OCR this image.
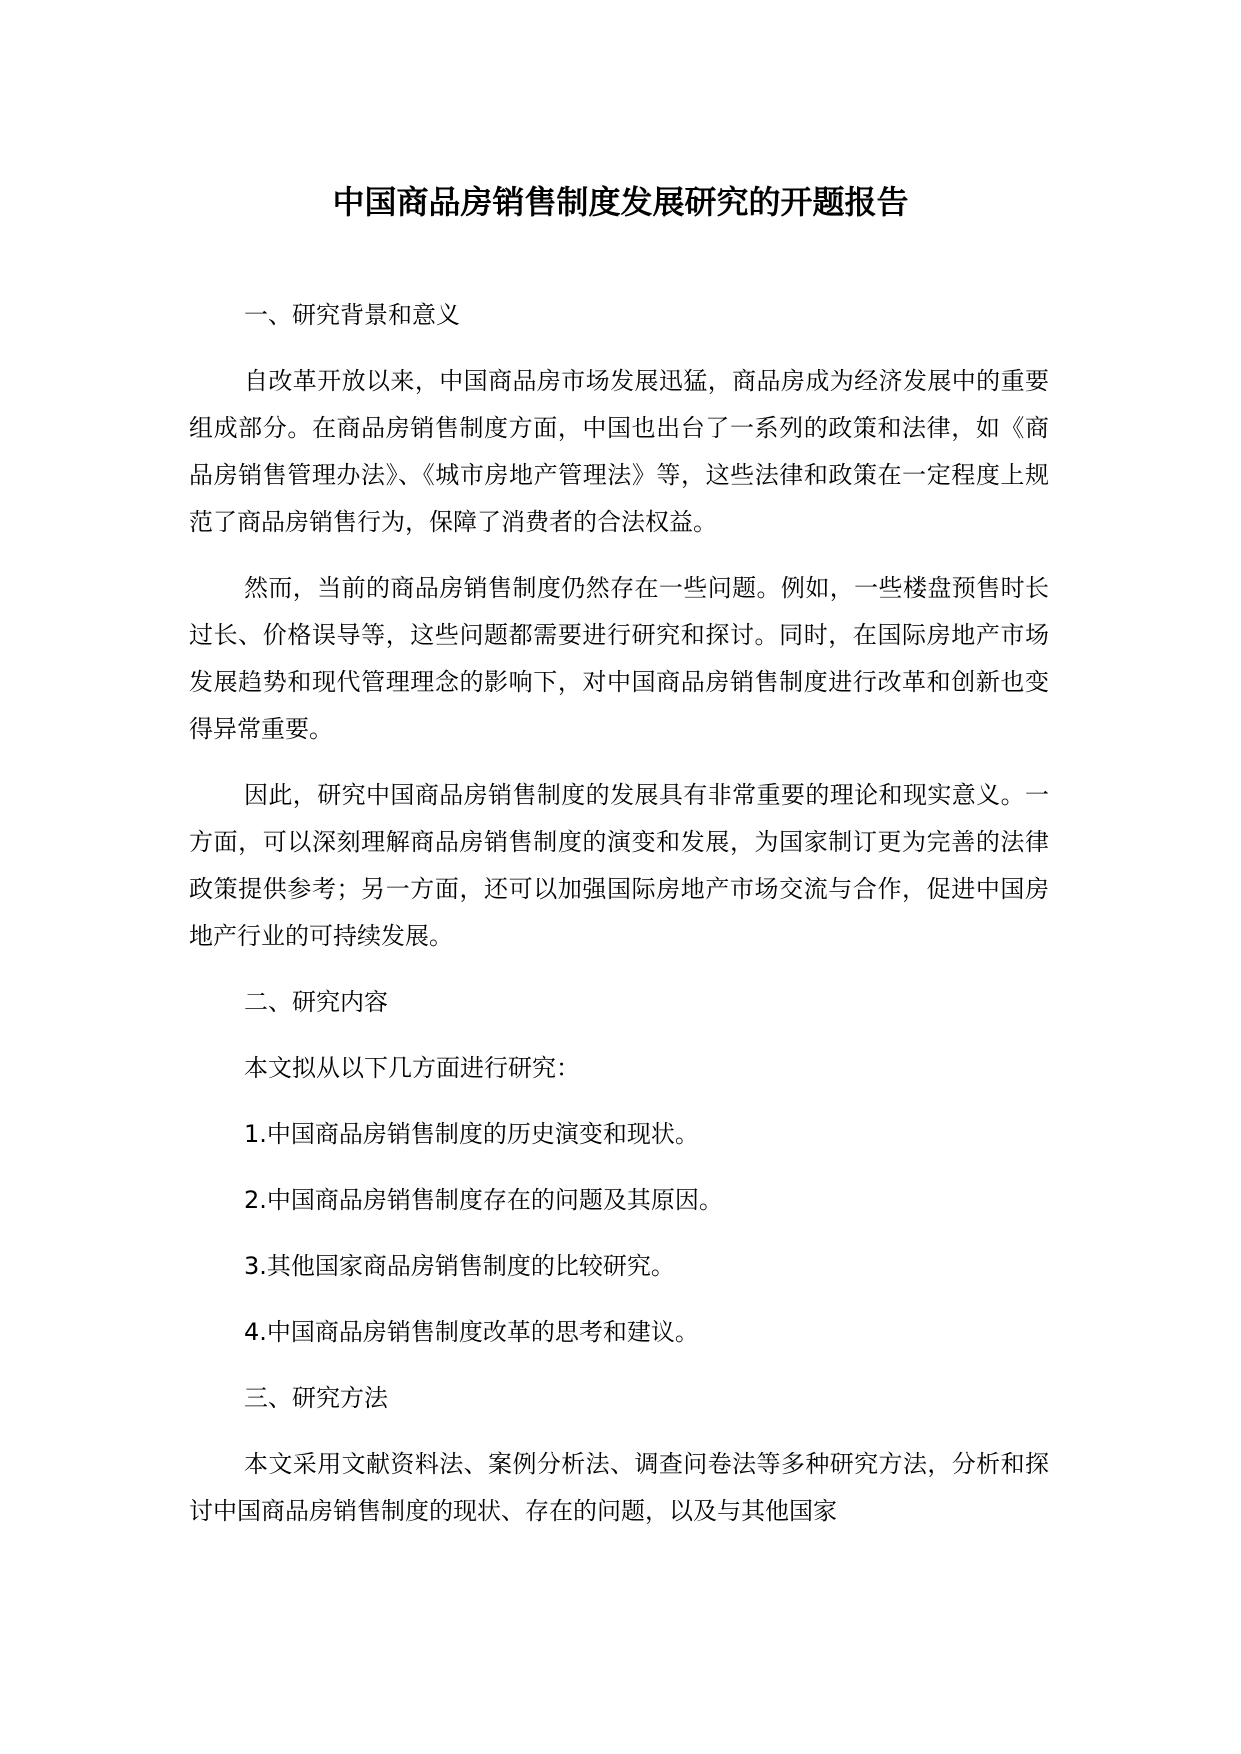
中国商品房销售制度发展研究的开题报告
一、研究背景和意义

自改革开放以来，中国商品房市场发展迅猛，商品房成为经济发展中的重要组成部分。在商品房销售制度方面，中国也出台了一系列的政策和法律，如《商品房销售管理办法》、《城市房地产管理法》等，这些法律和政策在一定程度上规范了商品房销售行为，保障了消费者的合法权益。

然而，当前的商品房销售制度仍然存在一些问题。例如，一些楼盘预售时长过长、价格误导等，这些问题都需要进行研究和探讨。同时，在国际房地产市场发展趋势和现代管理理念的影响下，对中国商品房销售制度进行改革和创新也变得异常重要。

因此，研究中国商品房销售制度的发展具有非常重要的理论和现实意义。一方面，可以深刻理解商品房销售制度的演变和发展，为国家制订更为完善的法律政策提供参考；另一方面，还可以加强国际房地产市场交流与合作，促进中国房地产行业的可持续发展。

二、研究内容
本文拟从以下几方面进行研究：
1.中国商品房销售制度的历史演变和现状。
2.中国商品房销售制度存在的问题及其原因。
3.其他国家商品房销售制度的比较研究。
4.中国商品房销售制度改革的思考和建议。
三、研究方法

本文采用文献资料法、案例分析法、调查问卷法等多种研究方法，分析和探讨中国商品房销售制度的现状、存在的问题，以及与其他国家
